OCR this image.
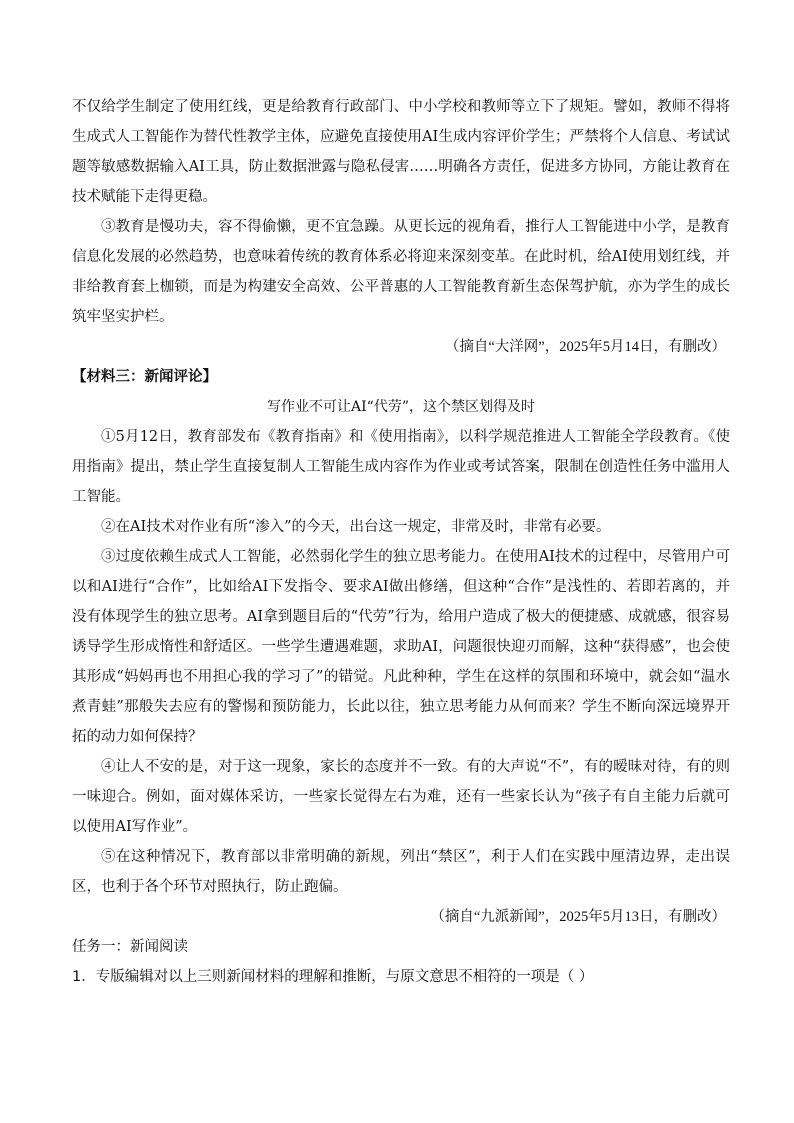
不仅给学生制定了使用红线，更是给教育行政部门、中小学校和教师等立下了规矩。譬如，教师不得将生成式人工智能作为替代性教学主体，应避免直接使用AI生成内容评价学生；严禁将个人信息、考试试题等敏感数据输入AI工具，防止数据泄露与隐私侵害……明确各方责任，促进多方协同，方能让教育在技术赋能下走得更稳。

③教育是慢功夫，容不得偷懒，更不宜急躁。从更长远的视角看，推行人工智能进中小学，是教育信息化发展的必然趋势，也意味着传统的教育体系必将迎来深刻变革。在此时机，给AI使用划红线，并非给教育套上枷锁，而是为构建安全高效、公平普惠的人工智能教育新生态保驾护航，亦为学生的成长筑牢坚实护栏。

（摘自“大洋网”，2025年5月14日，有删改）

【材料三：新闻评论】

写作业不可让AI“代劳”，这个禁区划得及时

①5月12日，教育部发布《教育指南》和《使用指南》，以科学规范推进人工智能全学段教育。《使用指南》提出，禁止学生直接复制人工智能生成内容作为作业或考试答案，限制在创造性任务中滥用人工智能。

②在AI技术对作业有所“渗入”的今天，出台这一规定，非常及时，非常有必要。

③过度依赖生成式人工智能，必然弱化学生的独立思考能力。在使用AI技术的过程中，尽管用户可以和AI进行“合作”，比如给AI下发指令、要求AI做出修缮，但这种“合作”是浅性的、若即若离的，并没有体现学生的独立思考。AI拿到题目后的“代劳”行为，给用户造成了极大的便捷感、成就感，很容易诱导学生形成惰性和舒适区。一些学生遭遇难题，求助AI，问题很快迎刃而解，这种“获得感”，也会使其形成“妈妈再也不用担心我的学习了”的错觉。凡此种种，学生在这样的氛围和环境中，就会如“温水煮青蛙”那般失去应有的警惕和预防能力，长此以往，独立思考能力从何而来？学生不断向深远境界开拓的动力如何保持？

④让人不安的是，对于这一现象，家长的态度并不一致。有的大声说“不”，有的暧昧对待，有的则一味迎合。例如，面对媒体采访，一些家长觉得左右为难，还有一些家长认为“孩子有自主能力后就可以使用AI写作业”。

⑤在这种情况下，教育部以非常明确的新规，列出“禁区”，利于人们在实践中厘清边界，走出误区，也利于各个环节对照执行，防止跑偏。

（摘自“九派新闻”，2025年5月13日，有删改）

任务一：新闻阅读

1．专版编辑对以上三则新闻材料的理解和推断，与原文意思不相符的一项是（ ）
